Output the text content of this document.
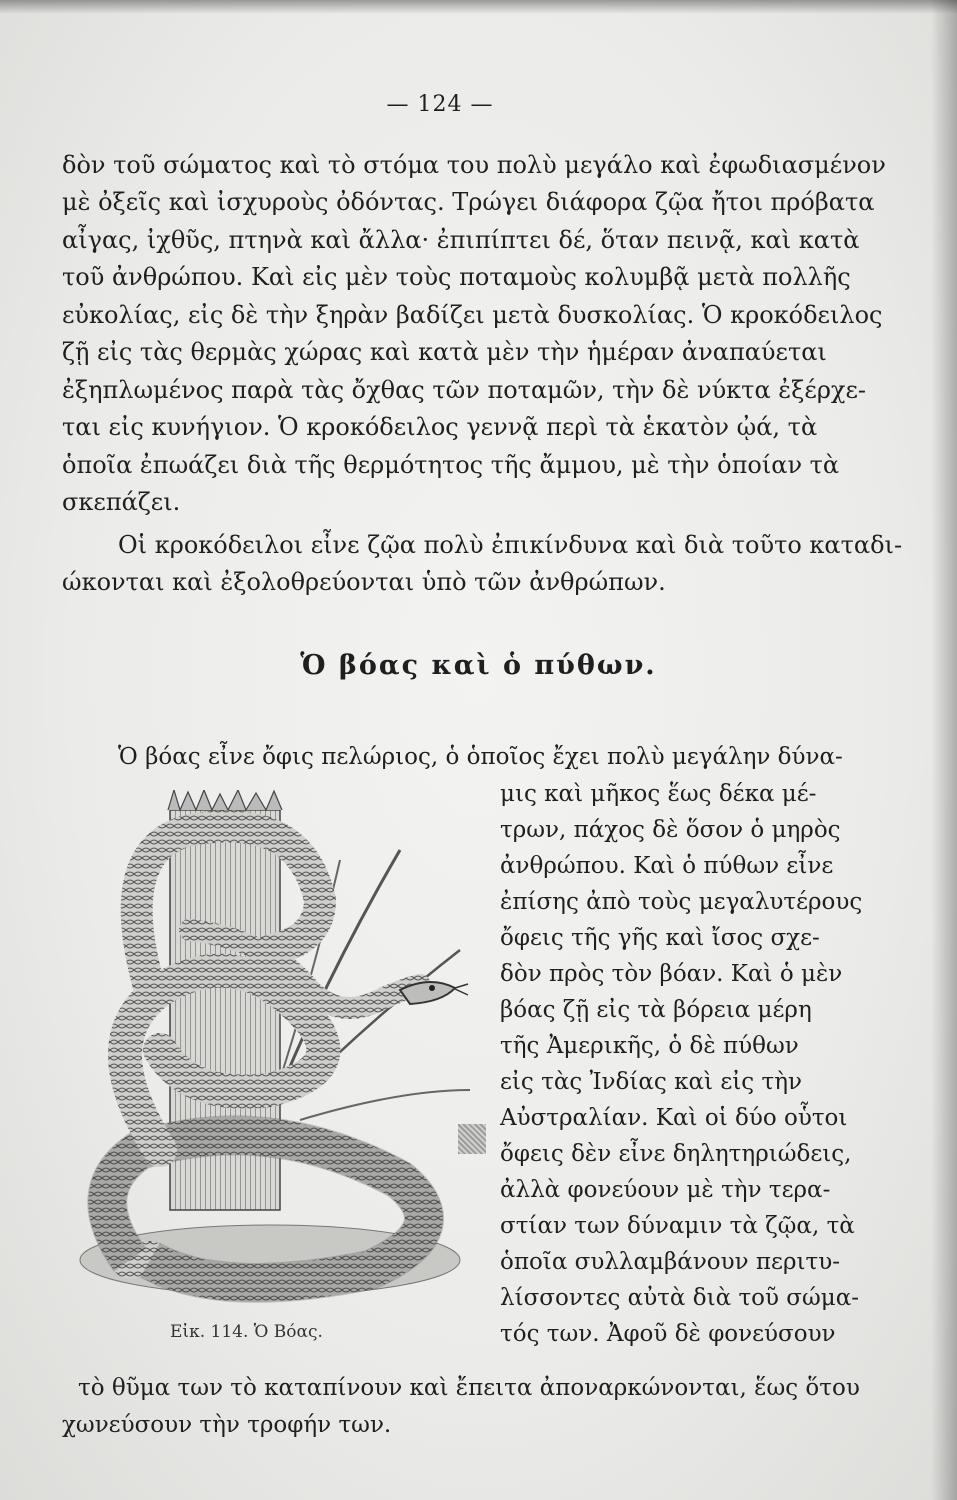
— 124 —
δὸν τοῦ σώματος καὶ τὸ στόμα του πολὺ μεγάλο καὶ ἐφωδιασμένον
μὲ ὀξεῖς καὶ ἰσχυροὺς ὀδόντας. Τρώγει διάφορα ζῷα ἤτοι πρόβατα
αἶγας, ἰχθῦς, πτηνὰ καὶ ἄλλα· ἐπιπίπτει δέ, ὅταν πεινᾷ, καὶ κατὰ
τοῦ ἀνθρώπου. Καὶ εἰς μὲν τοὺς ποταμοὺς κολυμβᾷ μετὰ πολλῆς
εὐκολίας, εἰς δὲ τὴν ξηρὰν βαδίζει μετὰ δυσκολίας. Ὁ κροκόδειλος
ζῇ εἰς τὰς θερμὰς χώρας καὶ κατὰ μὲν τὴν ἡμέραν ἀναπαύεται
ἐξηπλωμένος παρὰ τὰς ὄχθας τῶν ποταμῶν, τὴν δὲ νύκτα ἐξέρχε-
ται εἰς κυνήγιον. Ὁ κροκόδειλος γεννᾷ περὶ τὰ ἑκατὸν ᾠά, τὰ
ὁποῖα ἐπωάζει διὰ τῆς θερμότητος τῆς ἄμμου, μὲ τὴν ὁποίαν τὰ
σκεπάζει.
Οἱ κροκόδειλοι εἶνε ζῷα πολὺ ἐπικίνδυνα καὶ διὰ τοῦτο καταδι-
ώκονται καὶ ἐξολοθρεύονται ὑπὸ τῶν ἀνθρώπων.
Ὁ βόας καὶ ὁ πύθων.
Ὁ βόας εἶνε ὄφις πελώριος, ὁ ὁποῖος ἔχει πολὺ μεγάλην δύνα-
μις καὶ μῆκος ἕως δέκα μέ-
τρων, πάχος δὲ ὅσον ὁ μηρὸς
ἀνθρώπου. Καὶ ὁ πύθων εἶνε
ἐπίσης ἀπὸ τοὺς μεγαλυτέρους
ὄφεις τῆς γῆς καὶ ἴσος σχε-
δὸν πρὸς τὸν βόαν. Καὶ ὁ μὲν
βόας ζῇ εἰς τὰ βόρεια μέρη
τῆς Ἀμερικῆς, ὁ δὲ πύθων
εἰς τὰς Ἰνδίας καὶ εἰς τὴν
Αὐστραλίαν. Καὶ οἱ δύο οὗτοι
ὄφεις δὲν εἶνε δηλητηριώδεις,
ἀλλὰ φονεύουν μὲ τὴν τερα-
στίαν των δύναμιν τὰ ζῷα, τὰ
ὁποῖα συλλαμβάνουν περιτυ-
λίσσοντες αὐτὰ διὰ τοῦ σώμα-
τός των. Ἀφοῦ δὲ φονεύσουν
Εἰκ. 114. Ὁ Βόας.
τὸ θῦμα των τὸ καταπίνουν καὶ ἔπειτα ἀποναρκώνονται, ἕως ὅτου
χωνεύσουν τὴν τροφήν των.
